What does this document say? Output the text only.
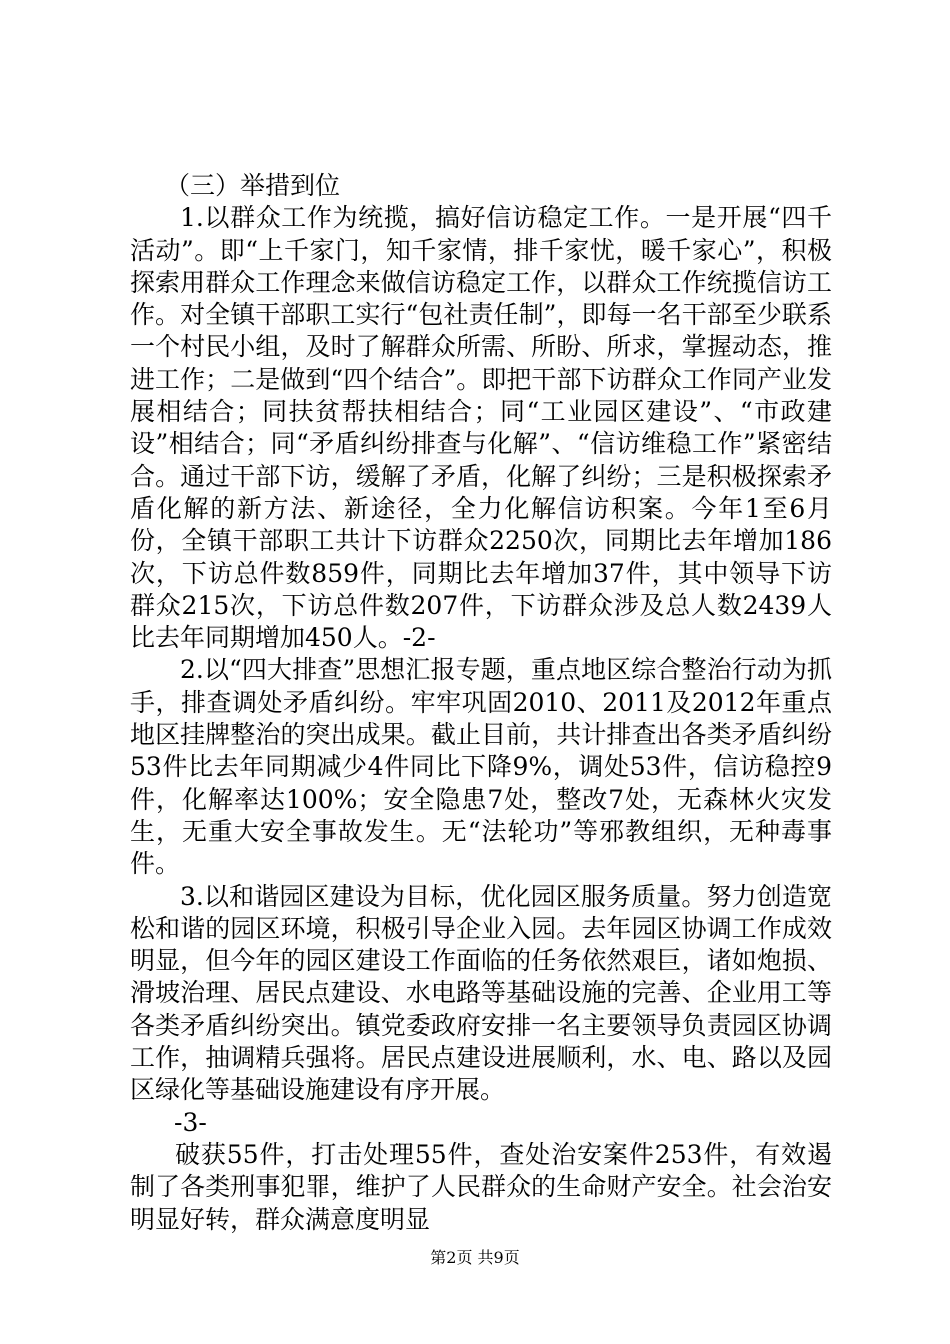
（三）举措到位

1.以群众工作为统揽，搞好信访稳定工作。一是开展“四千活动”。即“上千家门，知千家情，排千家忧，暖千家心”，积极探索用群众工作理念来做信访稳定工作，以群众工作统揽信访工作。对全镇干部职工实行“包社责任制”，即每一名干部至少联系一个村民小组，及时了解群众所需、所盼、所求，掌握动态，推进工作；二是做到“四个结合”。即把干部下访群众工作同产业发展相结合；同扶贫帮扶相结合；同“工业园区建设”、“市政建设”相结合；同“矛盾纠纷排查与化解”、“信访维稳工作”紧密结合。通过干部下访，缓解了矛盾，化解了纠纷；三是积极探索矛盾化解的新方法、新途径，全力化解信访积案。今年1至6月份，全镇干部职工共计下访群众2250次，同期比去年增加186次，下访总件数859件，同期比去年增加37件，其中领导下访群众215次，下访总件数207件，下访群众涉及总人数2439人比去年同期增加450人。-2-

2.以“四大排查”思想汇报专题，重点地区综合整治行动为抓手，排查调处矛盾纠纷。牢牢巩固2010、2011及2012年重点地区挂牌整治的突出成果。截止目前，共计排查出各类矛盾纠纷53件比去年同期减少4件同比下降9%，调处53件，信访稳控9件，化解率达100%；安全隐患7处，整改7处，无森林火灾发生，无重大安全事故发生。无“法轮功”等邪教组织，无种毒事件。

3.以和谐园区建设为目标，优化园区服务质量。努力创造宽松和谐的园区环境，积极引导企业入园。去年园区协调工作成效明显，但今年的园区建设工作面临的任务依然艰巨，诸如炮损、滑坡治理、居民点建设、水电路等基础设施的完善、企业用工等各类矛盾纠纷突出。镇党委政府安排一名主要领导负责园区协调工作，抽调精兵强将。居民点建设进展顺利，水、电、路以及园区绿化等基础设施建设有序开展。

-3-

破获55件，打击处理55件，查处治安案件253件，有效遏制了各类刑事犯罪，维护了人民群众的生命财产安全。社会治安明显好转，群众满意度明显

第2页 共9页
